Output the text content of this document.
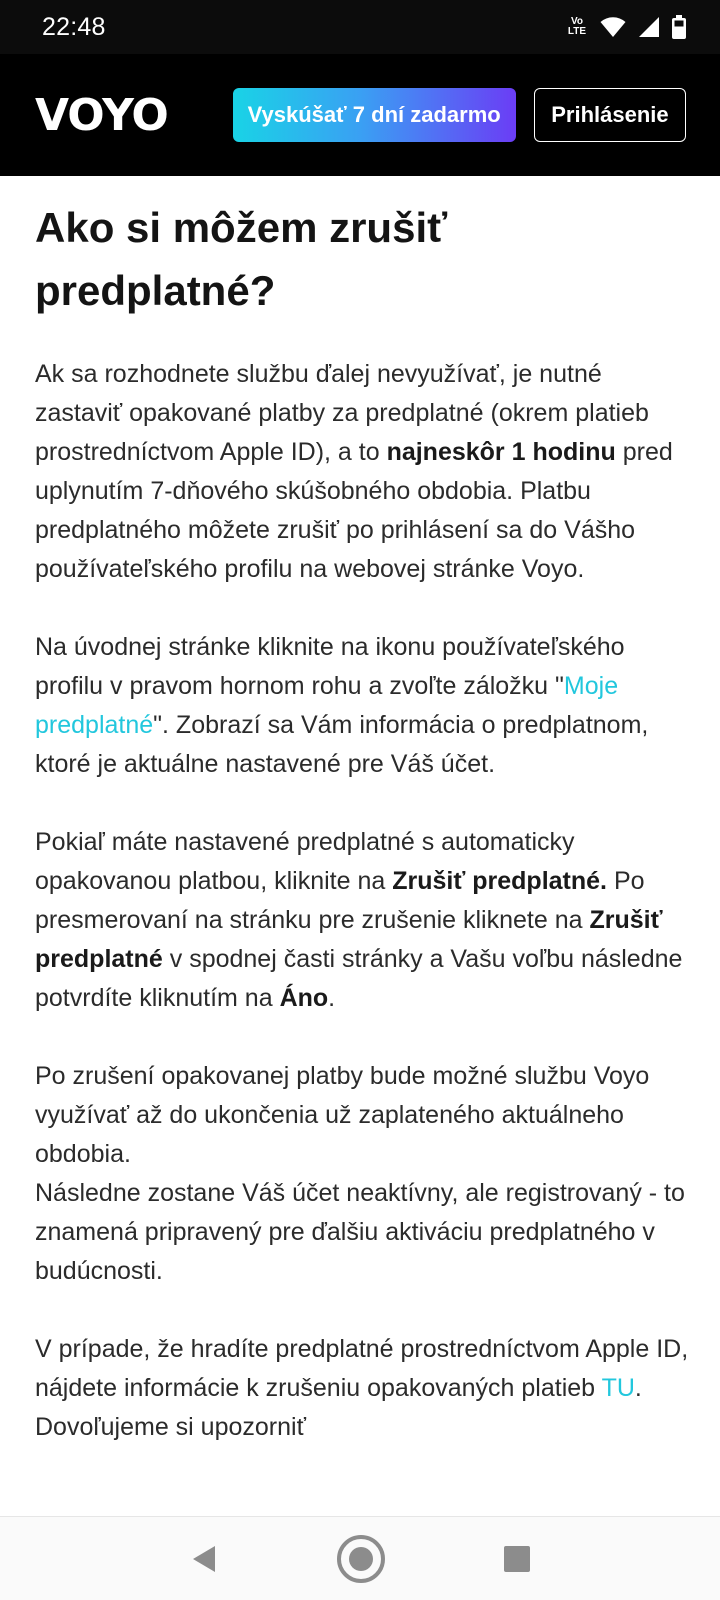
22:48	Vo
LTE
VOYO	Vyskúšať 7 dní zadarmo	Prihlásenie
Ako si môžem zrušiť predplatné?

Ak sa rozhodnete službu ďalej nevyužívať, je nutné zastaviť opakované platby za predplatné (okrem platieb prostredníctvom Apple ID), a to najneskôr 1 hodinu pred uplynutím 7-dňového skúšobného obdobia. Platbu predplatného môžete zrušiť po prihlásení sa do Vášho používateľského profilu na webovej stránke Voyo.

Na úvodnej stránke kliknite na ikonu používateľského profilu v pravom hornom rohu a zvoľte záložku "Moje predplatné". Zobrazí sa Vám informácia o predplatnom, ktoré je aktuálne nastavené pre Váš účet.

Pokiaľ máte nastavené predplatné s automaticky opakovanou platbou, kliknite na Zrušiť predplatné. Po presmerovaní na stránku pre zrušenie kliknete na Zrušiť predplatné v spodnej časti stránky a Vašu voľbu následne potvrdíte kliknutím na Áno.

Po zrušení opakovanej platby bude možné službu Voyo využívať až do ukončenia už zaplateného aktuálneho obdobia.
Následne zostane Váš účet neaktívny, ale registrovaný - to znamená pripravený pre ďalšiu aktiváciu predplatného v budúcnosti.

V prípade, že hradíte predplatné prostredníctvom Apple ID, nájdete informácie k zrušeniu opakovaných platieb TU. Dovoľujeme si upozorniť
